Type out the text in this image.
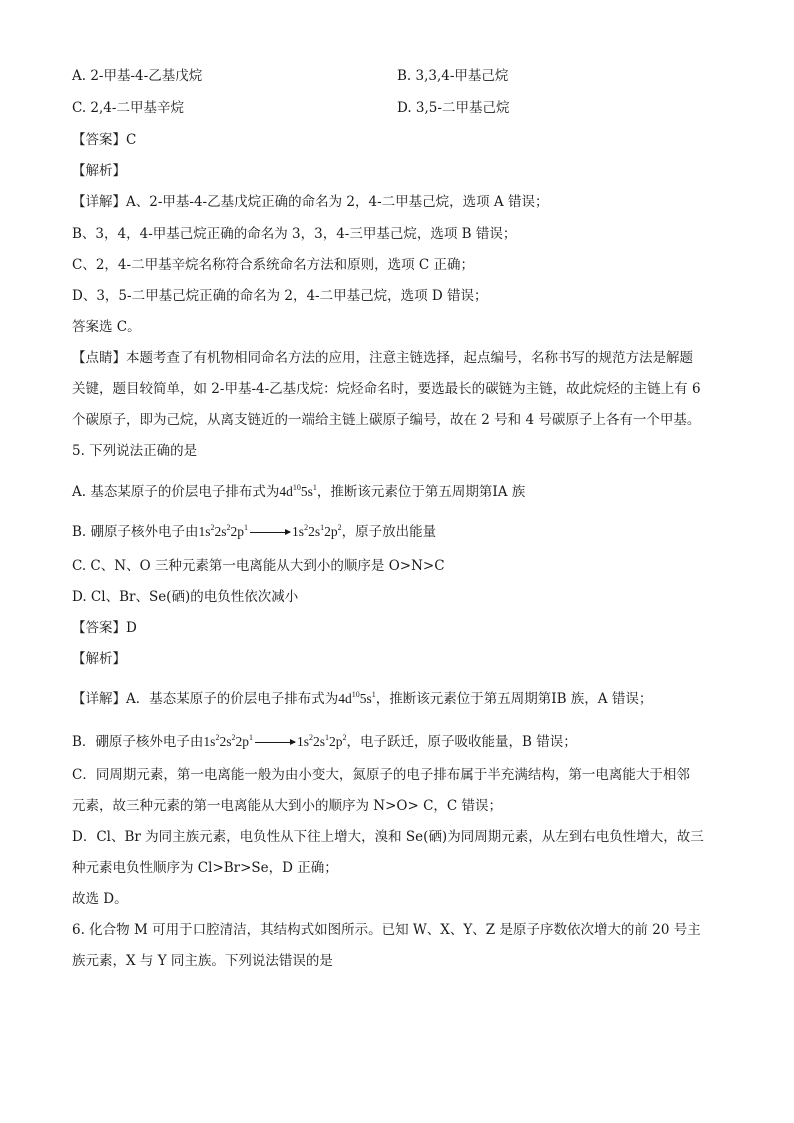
A. 2-甲基-4-乙基戊烷	B. 3,3,4-甲基己烷
C. 2,4-二甲基辛烷	D. 3,5-二甲基己烷
【答案】C
【解析】
【详解】A、2-甲基-4-乙基戊烷正确的命名为 2，4-二甲基己烷，选项 A 错误；
B、3，4，4-甲基己烷正确的命名为 3，3，4-三甲基己烷，选项 B 错误；
C、2，4-二甲基辛烷名称符合系统命名方法和原则，选项 C 正确；
D、3，5-二甲基己烷正确的命名为 2，4-二甲基己烷，选项 D 错误；
答案选 C。
【点睛】本题考查了有机物相同命名方法的应用，注意主链选择，起点编号，名称书写的规范方法是解题
关键，题目较简单，如 2-甲基-4-乙基戊烷：烷烃命名时，要选最长的碳链为主链，故此烷烃的主链上有 6
个碳原子，即为己烷，从离支链近的一端给主链上碳原子编号，故在 2 号和 4 号碳原子上各有一个甲基。
5. 下列说法正确的是
A. 基态某原子的价层电子排布式为$4d^{10}5s^1$，推断该元素位于第五周期第ⅠA 族
B. 硼原子核外电子由$1s^22s^22p^1$	$1s^22s^12p^2$，原子放出能量
C. C、N、O 三种元素第一电离能从大到小的顺序是 O>N>C
D. Cl、Br、Se(硒)的电负性依次减小
【答案】D
【解析】
【详解】A．基态某原子的价层电子排布式为$4d^{10}5s^1$，推断该元素位于第五周期第ⅠB 族，A 错误；
B．硼原子核外电子由$1s^22s^22p^1$	$1s^22s^12p^2$，电子跃迁，原子吸收能量，B 错误；
C．同周期元素，第一电离能一般为由小变大，氮原子的电子排布属于半充满结构，第一电离能大于相邻
元素，故三种元素的第一电离能从大到小的顺序为 N>O> C，C 错误；
D．Cl、Br 为同主族元素，电负性从下往上增大，溴和 Se(硒)为同周期元素，从左到右电负性增大，故三
种元素电负性顺序为 Cl>Br>Se，D 正确；
故选 D。
6. 化合物 M 可用于口腔清洁，其结构式如图所示。已知 W、X、Y、Z 是原子序数依次增大的前 20 号主
族元素，X 与 Y 同主族。下列说法错误的是
